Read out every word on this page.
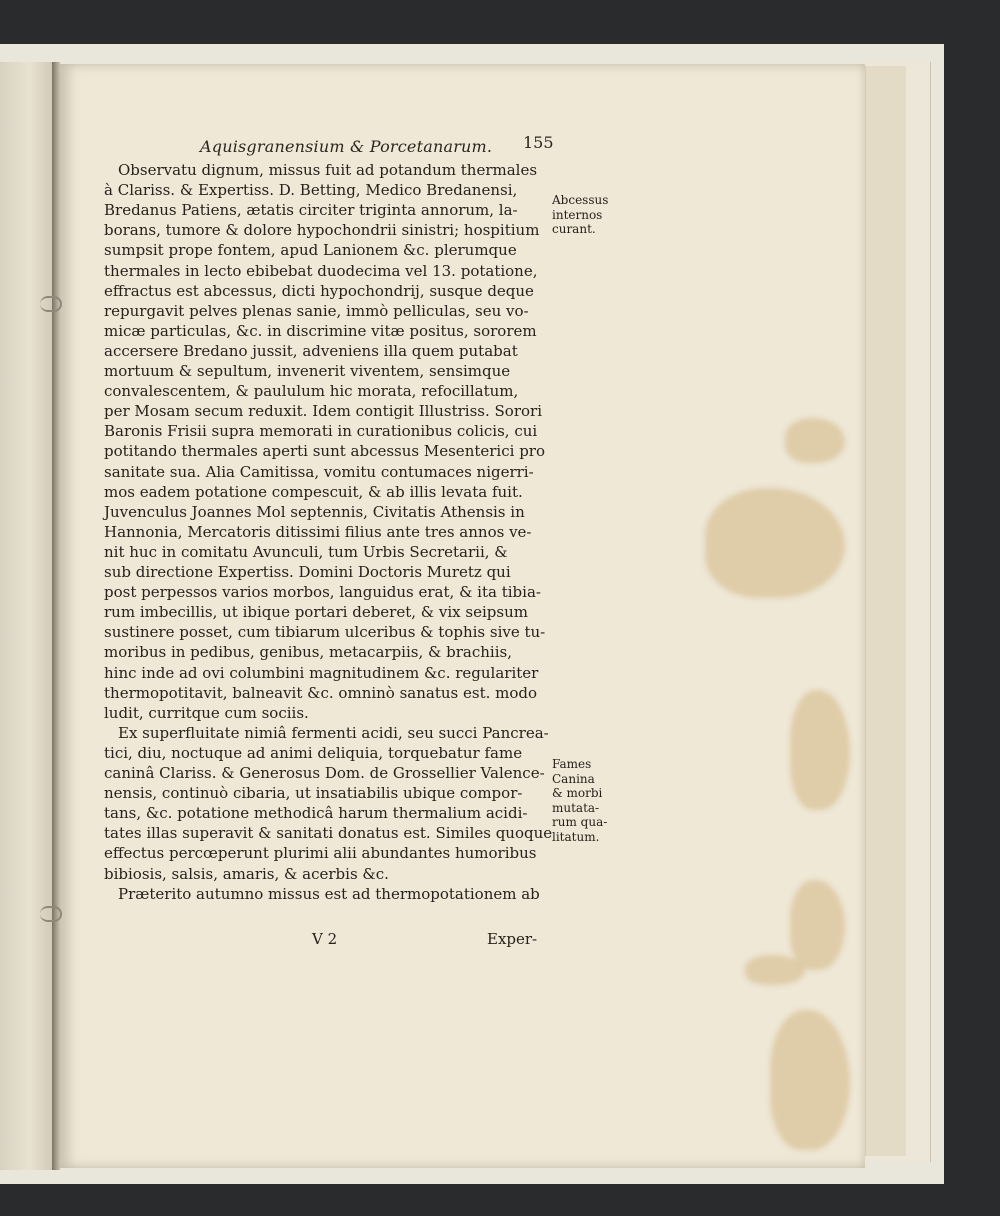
Aquisgranensium & Porcetanarum. 155
Observatu dignum, missus fuit ad potandum thermales
à Clariss. & Expertiss. D. Betting, Medico Bredanensi,
Bredanus Patiens, ætatis circiter triginta annorum, la-
borans, tumore & dolore hypochondrii sinistri; hospitium
sumpsit prope fontem, apud Lanionem &c. plerumque
thermales in lecto ebibebat duodecima vel 13. potatione,
effractus est abcessus, dicti hypochondrij, susque deque
repurgavit pelves plenas sanie, immò pelliculas, seu vo-
micæ particulas, &c. in discrimine vitæ positus, sororem
accersere Bredano jussit, adveniens illa quem putabat
mortuum & sepultum, invenerit viventem, sensimque
convalescentem, & paululum hic morata, refocillatum,
per Mosam secum reduxit. Idem contigit Illustriss. Sorori
Baronis Frisii supra memorati in curationibus colicis, cui
potitando thermales aperti sunt abcessus Mesenterici pro
sanitate sua. Alia Camitissa, vomitu contumaces nigerri-
mos eadem potatione compescuit, & ab illis levata fuit.
Juvenculus Joannes Mol septennis, Civitatis Athensis in
Hannonia, Mercatoris ditissimi filius ante tres annos ve-
nit huc in comitatu Avunculi, tum Urbis Secretarii, &
sub directione Expertiss. Domini Doctoris Muretz qui
post perpessos varios morbos, languidus erat, & ita tibia-
rum imbecillis, ut ibique portari deberet, & vix seipsum
sustinere posset, cum tibiarum ulceribus & tophis sive tu-
moribus in pedibus, genibus, metacarpiis, & brachiis,
hinc inde ad ovi columbini magnitudinem &c. regulariter
thermopotitavit, balneavit &c. omninò sanatus est. modo
ludit, curritque cum sociis.
Ex superfluitate nimiâ fermenti acidi, seu succi Pancrea-
tici, diu, noctuque ad animi deliquia, torquebatur fame
caninâ Clariss. & Generosus Dom. de Grossellier Valence-
nensis, continuò cibaria, ut insatiabilis ubique compor-
tans, &c. potatione methodicâ harum thermalium acidi-
tates illas superavit & sanitati donatus est. Similes quoque
effectus percœperunt plurimi alii abundantes humoribus
bibiosis, salsis, amaris, & acerbis &c.
Præterito autumno missus est ad thermopotationem ab
Abcessus
internos
curant.
Fames
Canina
& morbi
mutata-
rum qua-
litatum.
V 2	Exper-
